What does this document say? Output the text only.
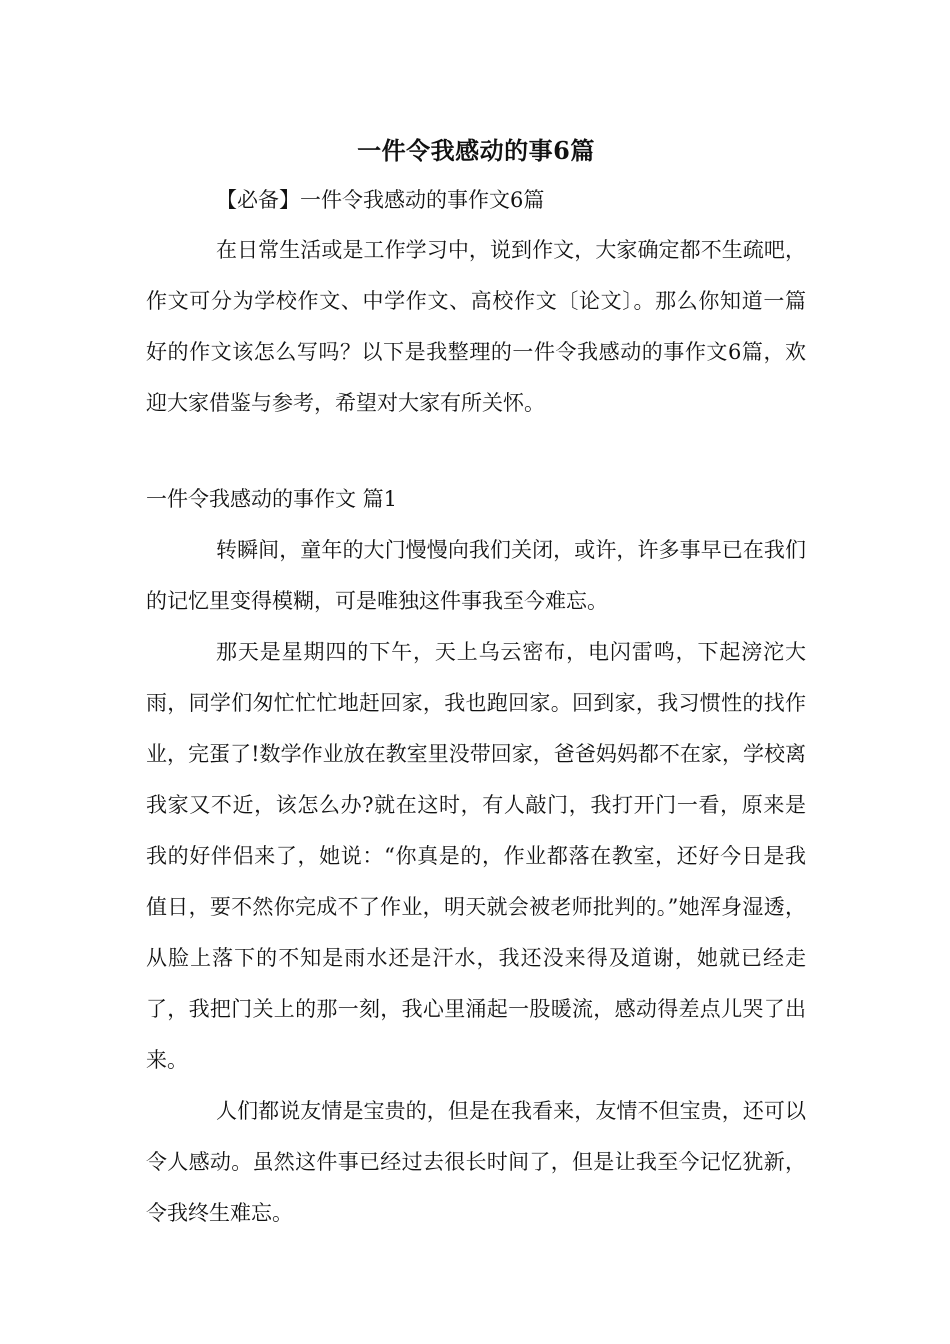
一件令我感动的事6篇

【必备】一件令我感动的事作文6篇

在日常生活或是工作学习中，说到作文，大家确定都不生疏吧，作文可分为学校作文、中学作文、高校作文〔论文〕。那么你知道一篇好的作文该怎么写吗？以下是我整理的一件令我感动的事作文6篇，欢迎大家借鉴与参考，希望对大家有所关怀。

一件令我感动的事作文 篇1

转瞬间，童年的大门慢慢向我们关闭，或许，许多事早已在我们的记忆里变得模糊，可是唯独这件事我至今难忘。

那天是星期四的下午，天上乌云密布，电闪雷鸣，下起滂沱大雨，同学们匆忙忙忙地赶回家，我也跑回家。回到家，我习惯性的找作业，完蛋了!数学作业放在教室里没带回家，爸爸妈妈都不在家，学校离我家又不近，该怎么办?就在这时，有人敲门，我打开门一看，原来是我的好伴侣来了，她说：“你真是的，作业都落在教室，还好今日是我值日，要不然你完成不了作业，明天就会被老师批判的。”她浑身湿透，从脸上落下的不知是雨水还是汗水，我还没来得及道谢，她就已经走了，我把门关上的那一刻，我心里涌起一股暖流，感动得差点儿哭了出来。

人们都说友情是宝贵的，但是在我看来，友情不但宝贵，还可以令人感动。虽然这件事已经过去很长时间了，但是让我至今记忆犹新，令我终生难忘。
